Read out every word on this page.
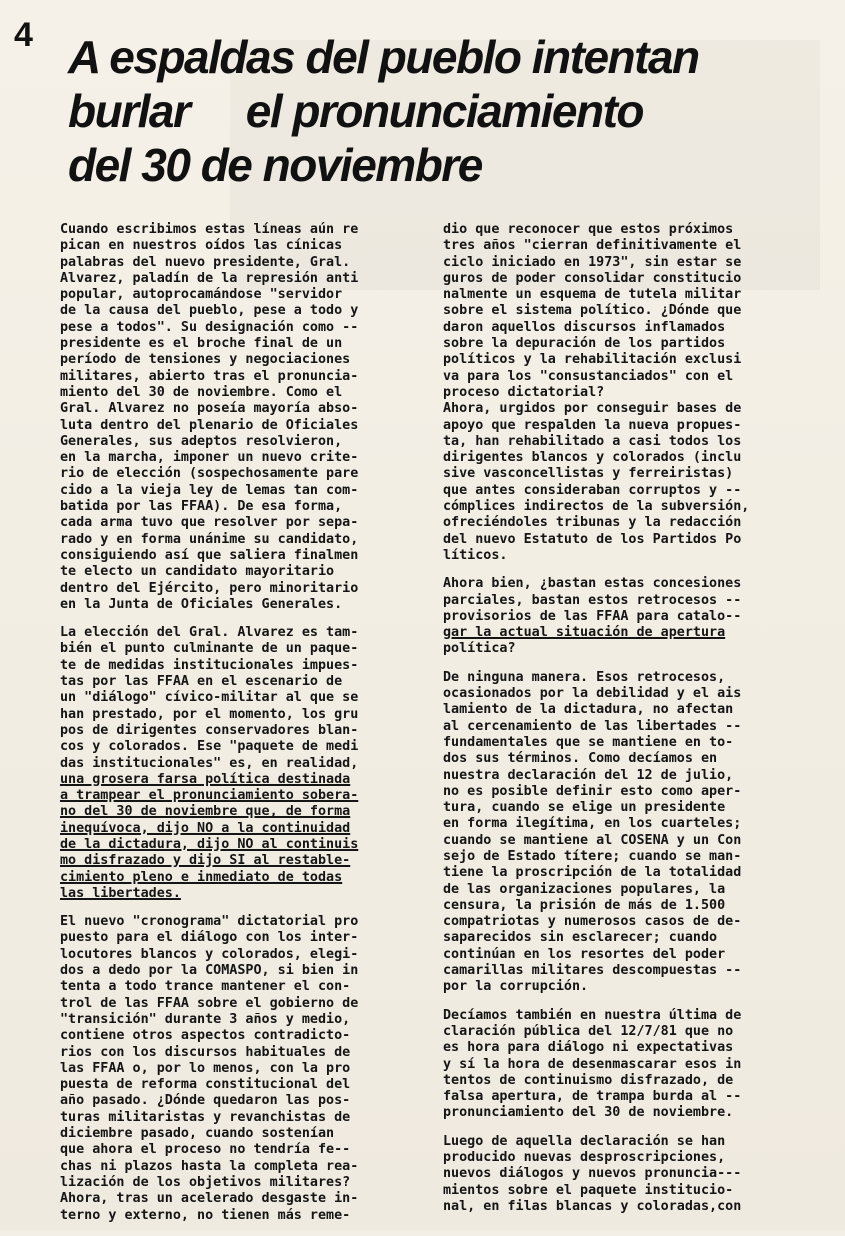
4 A espaldas del pueblo intentan
burlar     el pronunciamiento
del 30 de noviembre
Cuando escribimos estas líneas aún re
pican en nuestros oídos las cínicas
palabras del nuevo presidente, Gral.
Alvarez, paladín de la represión anti
popular, autoprocamándose "servidor
de la causa del pueblo, pese a todo y
pese a todos". Su designación como --
presidente es el broche final de un
período de tensiones y negociaciones
militares, abierto tras el pronuncia-
miento del 30 de noviembre. Como el
Gral. Alvarez no poseía mayoría abso-
luta dentro del plenario de Oficiales
Generales, sus adeptos resolvieron,
en la marcha, imponer un nuevo crite-
rio de elección (sospechosamente pare
cido a la vieja ley de lemas tan com-
batida por las FFAA). De esa forma,
cada arma tuvo que resolver por sepa-
rado y en forma unánime su candidato,
consiguiendo así que saliera finalmen
te electo un candidato mayoritario
dentro del Ejército, pero minoritario
en la Junta de Oficiales Generales.
La elección del Gral. Alvarez es tam-
bién el punto culminante de un paque-
te de medidas institucionales impues-
tas por las FFAA en el escenario de
un "diálogo" cívico-militar al que se
han prestado, por el momento, los gru
pos de dirigentes conservadores blan-
cos y colorados. Ese "paquete de medi
das institucionales" es, en realidad,
una grosera farsa política destinada
a trampear el pronunciamiento sobera-
no del 30 de noviembre que, de forma
inequívoca, dijo NO a la continuidad
de la dictadura, dijo NO al continuis
mo disfrazado y dijo SI al restable-
cimiento pleno e inmediato de todas
las libertades.
El nuevo "cronograma" dictatorial pro
puesto para el diálogo con los inter-
locutores blancos y colorados, elegi-
dos a dedo por la COMASPO, si bien in
tenta a todo trance mantener el con-
trol de las FFAA sobre el gobierno de
"transición" durante 3 años y medio,
contiene otros aspectos contradicto-
rios con los discursos habituales de
las FFAA o, por lo menos, con la pro
puesta de reforma constitucional del
año pasado. ¿Dónde quedaron las pos-
turas militaristas y revanchistas de
diciembre pasado, cuando sostenían
que ahora el proceso no tendría fe--
chas ni plazos hasta la completa rea-
lización de los objetivos militares?
Ahora, tras un acelerado desgaste in-
terno y externo, no tienen más reme-
dio que reconocer que estos próximos
tres años "cierran definitivamente el
ciclo iniciado en 1973", sin estar se
guros de poder consolidar constitucio
nalmente un esquema de tutela militar
sobre el sistema político. ¿Dónde que
daron aquellos discursos inflamados
sobre la depuración de los partidos
políticos y la rehabilitación exclusi
va para los "consustanciados" con el
proceso dictatorial?
Ahora, urgidos por conseguir bases de
apoyo que respalden la nueva propues-
ta, han rehabilitado a casi todos los
dirigentes blancos y colorados (inclu
sive vasconcellistas y ferreiristas)
que antes consideraban corruptos y --
cómplices indirectos de la subversión,
ofreciéndoles tribunas y la redacción
del nuevo Estatuto de los Partidos Po
líticos.
Ahora bien, ¿bastan estas concesiones
parciales, bastan estos retrocesos --
provisorios de las FFAA para catalo--
gar la actual situación de apertura
política?
De ninguna manera. Esos retrocesos,
ocasionados por la debilidad y el ais
lamiento de la dictadura, no afectan
al cercenamiento de las libertades --
fundamentales que se mantiene en to-
dos sus términos. Como decíamos en
nuestra declaración del 12 de julio,
no es posible definir esto como aper-
tura, cuando se elige un presidente
en forma ilegítima, en los cuarteles;
cuando se mantiene al COSENA y un Con
sejo de Estado títere; cuando se man-
tiene la proscripción de la totalidad
de las organizaciones populares, la
censura, la prisión de más de 1.500
compatriotas y numerosos casos de de-
saparecidos sin esclarecer; cuando
continúan en los resortes del poder
camarillas militares descompuestas --
por la corrupción.
Decíamos también en nuestra última de
claración pública del 12/7/81 que no
es hora para diálogo ni expectativas
y sí la hora de desenmascarar esos in
tentos de continuismo disfrazado, de
falsa apertura, de trampa burda al --
pronunciamiento del 30 de noviembre.
Luego de aquella declaración se han
producido nuevas desproscripciones,
nuevos diálogos y nuevos pronuncia---
mientos sobre el paquete institucio-
nal, en filas blancas y coloradas,con
